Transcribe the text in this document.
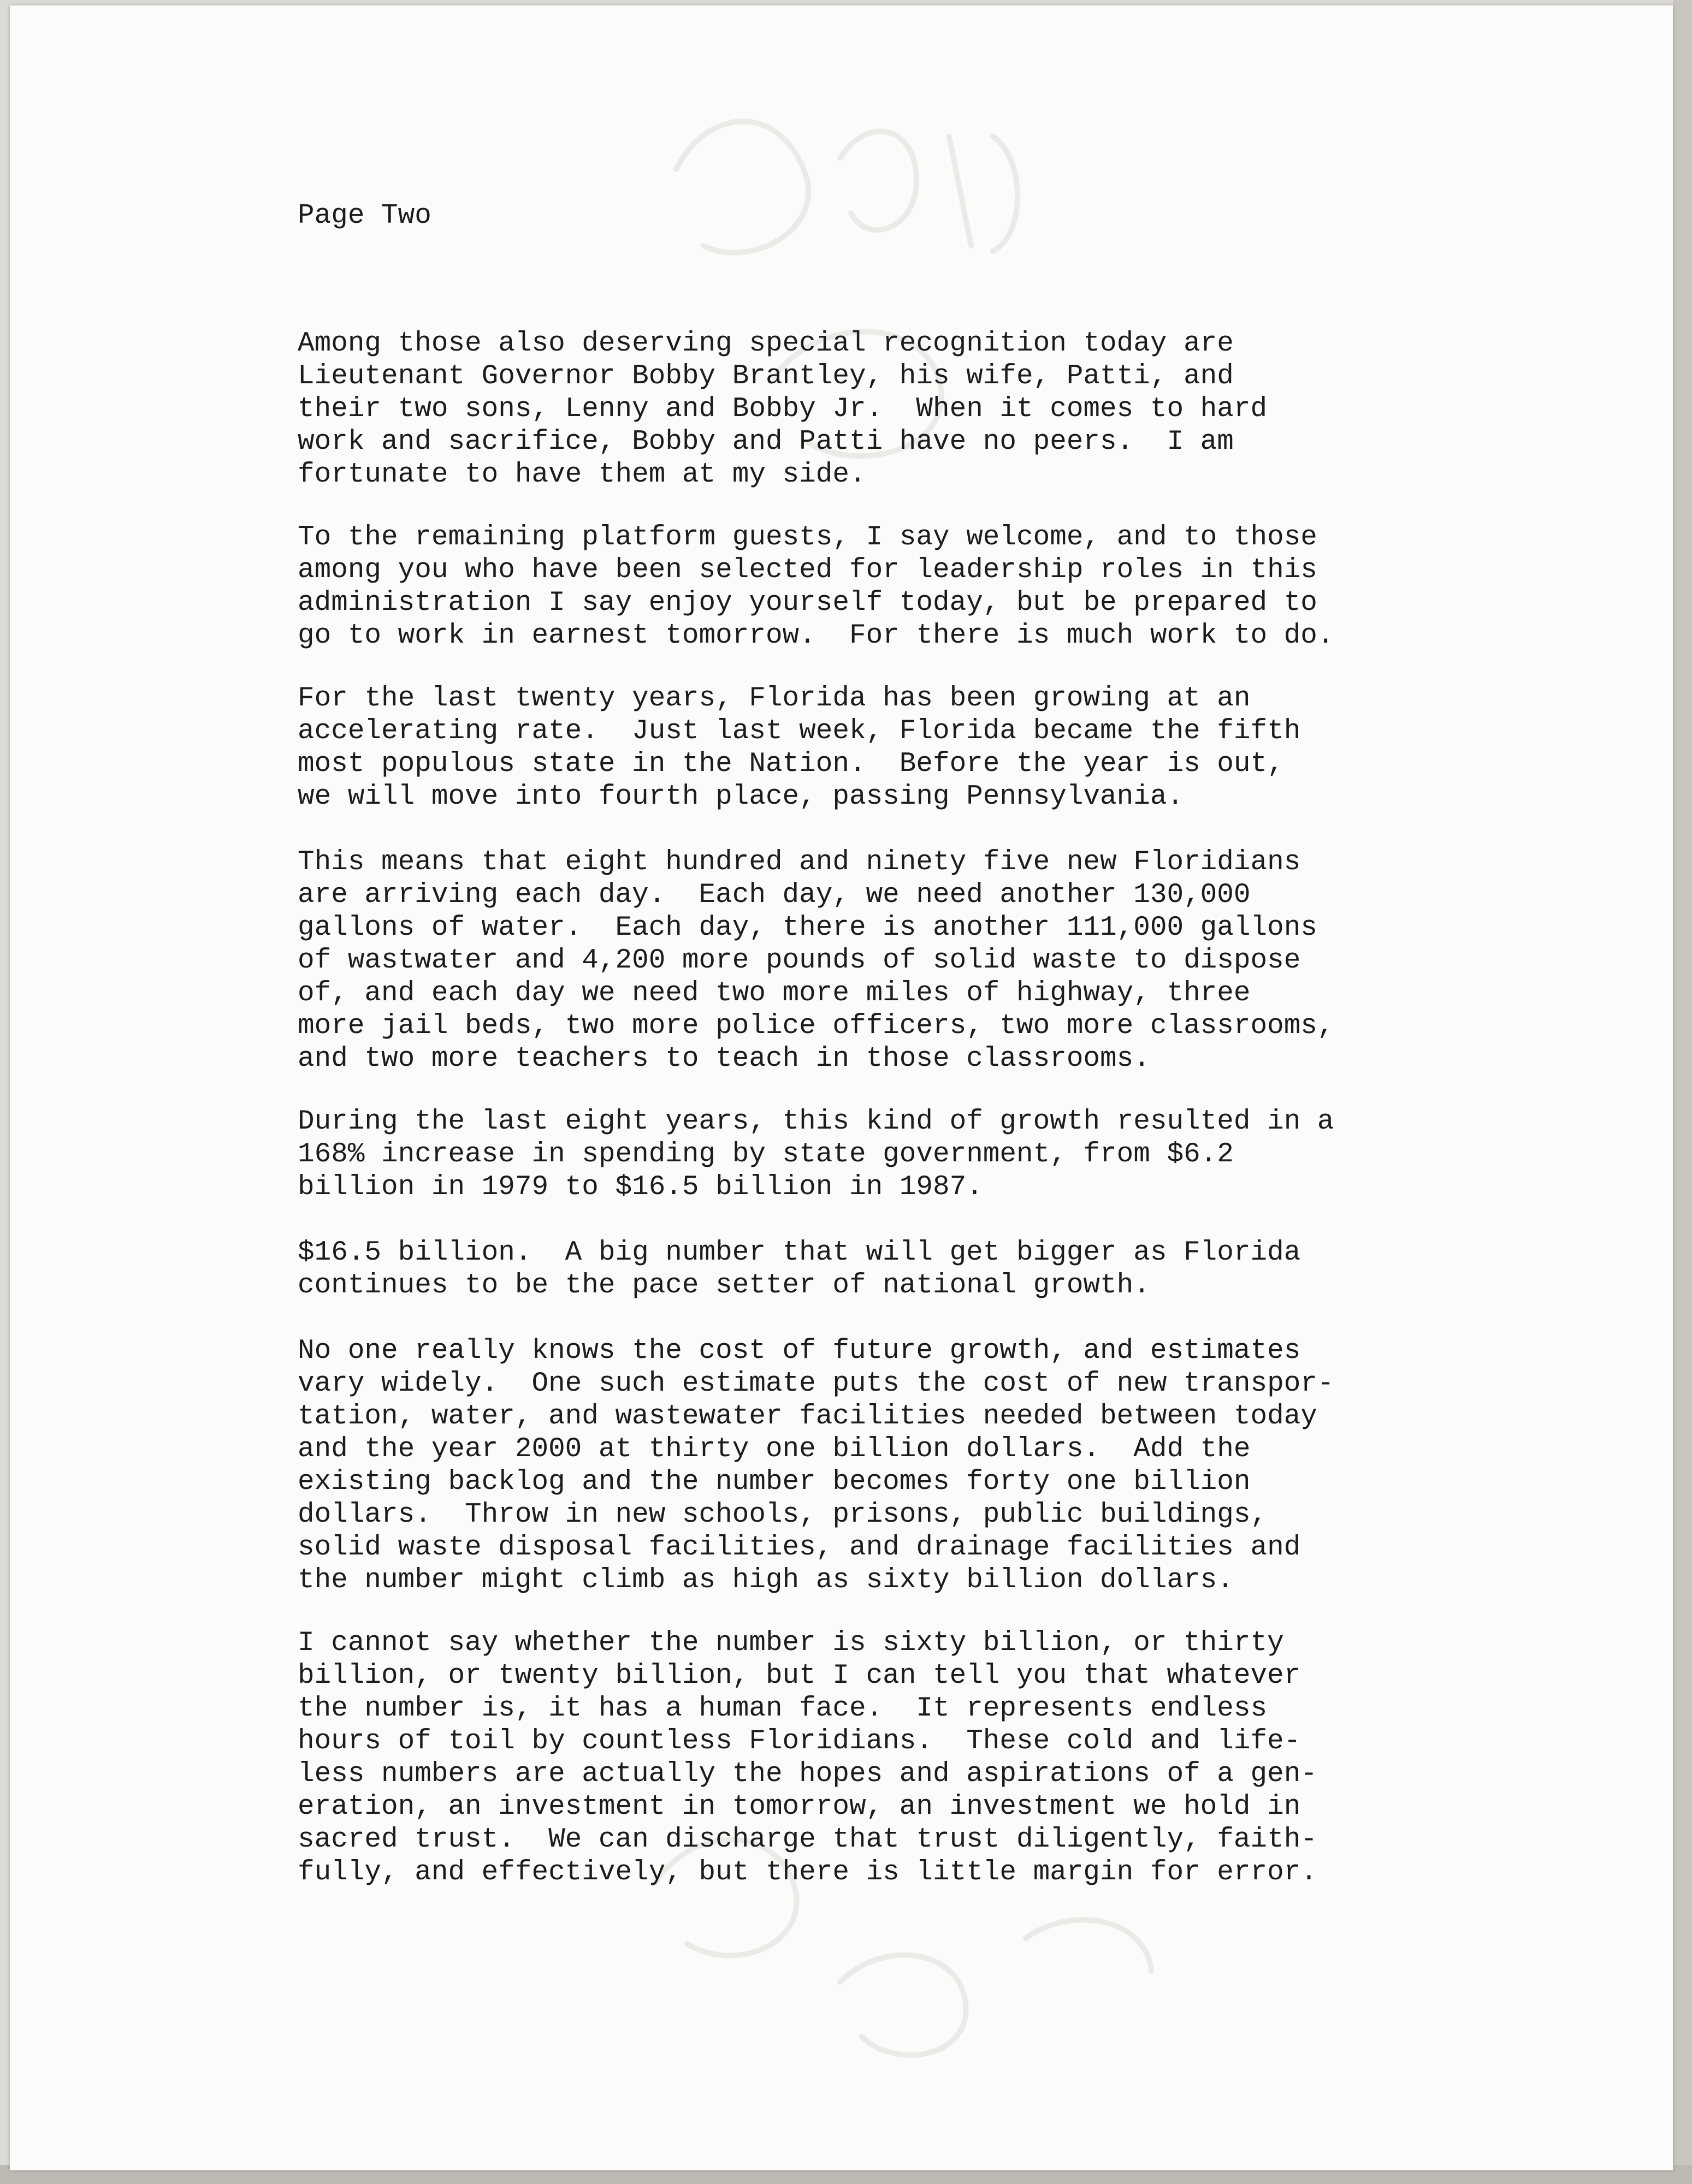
Page Two
Among those also deserving special recognition today are
Lieutenant Governor Bobby Brantley, his wife, Patti, and
their two sons, Lenny and Bobby Jr.  When it comes to hard
work and sacrifice, Bobby and Patti have no peers.  I am
fortunate to have them at my side.
To the remaining platform guests, I say welcome, and to those
among you who have been selected for leadership roles in this
administration I say enjoy yourself today, but be prepared to
go to work in earnest tomorrow.  For there is much work to do.
For the last twenty years, Florida has been growing at an
accelerating rate.  Just last week, Florida became the fifth
most populous state in the Nation.  Before the year is out,
we will move into fourth place, passing Pennsylvania.
This means that eight hundred and ninety five new Floridians
are arriving each day.  Each day, we need another 130,000
gallons of water.  Each day, there is another 111,000 gallons
of wastwater and 4,200 more pounds of solid waste to dispose
of, and each day we need two more miles of highway, three
more jail beds, two more police officers, two more classrooms,
and two more teachers to teach in those classrooms.
During the last eight years, this kind of growth resulted in a
168% increase in spending by state government, from $6.2
billion in 1979 to $16.5 billion in 1987.
$16.5 billion.  A big number that will get bigger as Florida
continues to be the pace setter of national growth.
No one really knows the cost of future growth, and estimates
vary widely.  One such estimate puts the cost of new transpor-
tation, water, and wastewater facilities needed between today
and the year 2000 at thirty one billion dollars.  Add the
existing backlog and the number becomes forty one billion
dollars.  Throw in new schools, prisons, public buildings,
solid waste disposal facilities, and drainage facilities and
the number might climb as high as sixty billion dollars.
I cannot say whether the number is sixty billion, or thirty
billion, or twenty billion, but I can tell you that whatever
the number is, it has a human face.  It represents endless
hours of toil by countless Floridians.  These cold and life-
less numbers are actually the hopes and aspirations of a gen-
eration, an investment in tomorrow, an investment we hold in
sacred trust.  We can discharge that trust diligently, faith-
fully, and effectively, but there is little margin for error.
